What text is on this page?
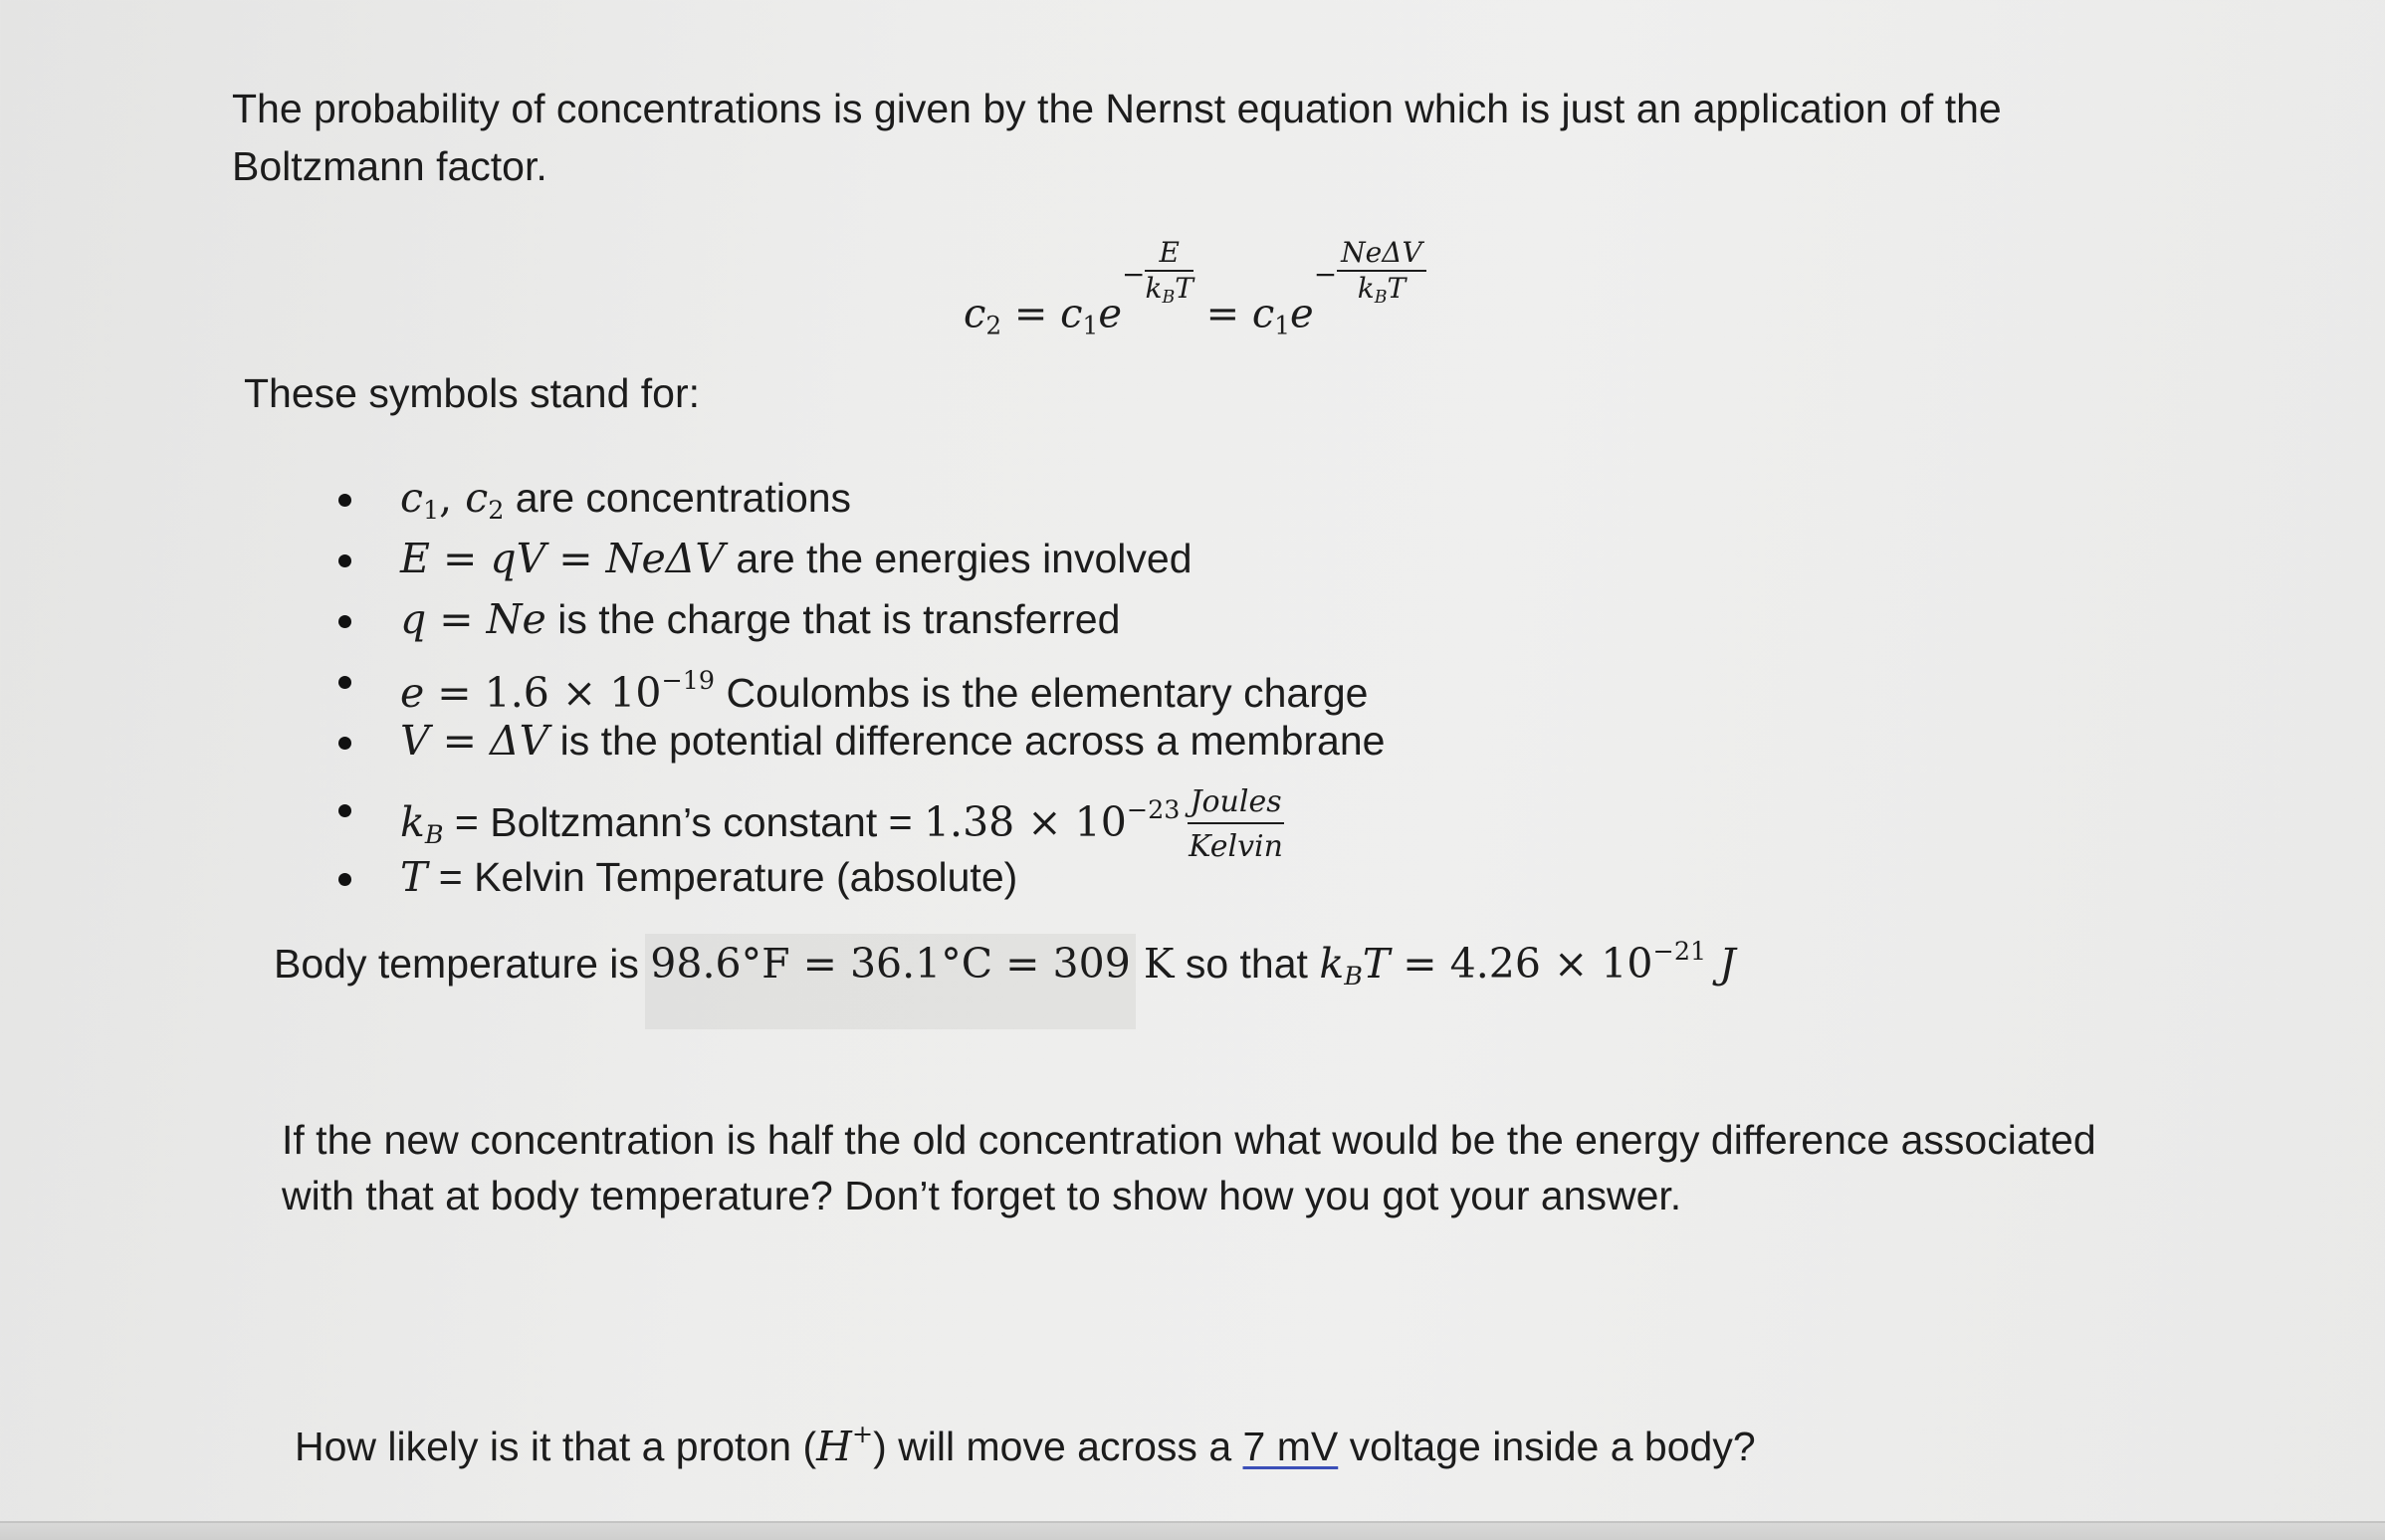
The probability of concentrations is given by the Nernst equation which is just an application of the
Boltzmann factor.
$c_2 = c_1e^- \frac{E}{k_BT}$
= $c_1e^- \frac{\text{NeΔV}}{k_BT}$
These symbols stand for:
$c_1$, $c_2$ are concentrations
E = qV = NeΔV are the energies involved
q = Ne is the charge that is transferred
$e = 1.6 \times 10^{-19}$ Coulombs is the elementary charge
V = ΔV is the potential difference across a membrane
$k_B$ = Boltzmann’s constant = $1.38 \times 10^{-23} \frac{\text{Joules}}{\text{Kelvin}}$
T = Kelvin Temperature (absolute)
Body temperature is 98.6°F = 36.1°C = 309 K so that $k_BT = 4.26 \times 10^{-21}$ J
If the new concentration is half the old concentration what would be the energy difference associated
with that at body temperature? Don’t forget to show how you got your answer.
How likely is it that a proton (H+) will move across a 7 mV voltage inside a body?
